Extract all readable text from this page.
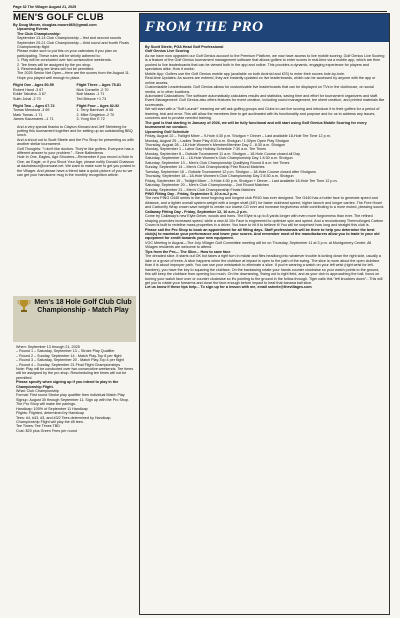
Page 32 The Villager August 21, 2025
MEN'S GOLF CLUB

By Doug Moore, douglas.moore865@gmail.com

Upcoming Events

The Club Championship:

September 13-14 Club Championship – first and second rounds

September 20-21 Club Championship – third round and fourth Finals Championship flight

Please make sure to put this on your calendars if you plan on participating. These rules will be strictly adhered to:

1. Play will be conducted over two consecutive weekends.

2. Tee times will be assigned by the pro shop.

3. Rescheduling tee times will not be permitted.

The 2025 Senior Net Open—Here are the scores from the August 11. Hope you played well enough to place.

Flight One - Ages 50-59
Robert Hand -3 67
Eddie Tabutha -3 67
Sukh Johal -2 70
Flight Three – Ages 75-81
Nick Conselle -2 70
Bob Maass -1 71
Ted Briscoe +1 73
Flight Two – Ages 67-74
Tomas Mendoza -3 69
Mark Tomas -1 71
James Kaczmarek –1 71
Flight Four – Ages 82-92
1. Terry Barnhart -6 66
2. Mike Singleton -2 70
3. Yong Kim E 72

And a very special thanks to Clayton Kinnard and Jeff Steinberg for putting this tournament together and for setting up an outstanding BBQ lunch.

And a shout out to Scott Steele and the Pro Shop for presenting us with another stellar tournament.

Golf Thoughts: "I don't like doctors. They're like golfers. Everyone has a different answer to your problem." - Seve Ballesteros

Hole In One, Eagles, Age Shooters—Remember if you record a Hole In One, an Eagle, or if you Shoot Your Age, please notify Donald Chaisson at dachaisson@comcast.net. We want to make sure to get you posted in the Villager. And please have a friend take a quick picture of you so we can get your handsome mug in the monthly recognition article.

Men's 18 Hole Golf Club Club Championship - Match Play

When: September 13 through 21, 2025

– Round 1 – Saturday, September 13 – Stroke Play Qualifier

– Round 2 – Sunday, September 14 - Match Play-Top 8 per flight

– Round 3 – Saturday, September 20 - Match Play-Top 4 per flight

– Round 4 – Sunday, September 21 Final Flight Championships

Note: Play will be conducted over two consecutive weekends. Tee times will be assigned by the pro shop. Rescheduling tee times will not be permitted.

Please specify when signing up if you intend to play in the Championship Flight.

What: Club Championship

Format: First round Stroke play qualifier then individual Match Play

Signup: August 30 through September 11. Sign up with the Pro Shop. The Pro Shop will make the pairings.

Handicap: 100% of September 11 Handicap

Flights: Flighted, determined by Handicap

Tees: #4, #43, #3, and #3/2 Tees determined by Handicap. Championship Flight will play the #5 tees.

Tee Times: Tee Times TBD

Cost: $20 plus Green Fees per round

FROM THE PRO

By Scott Steele, PGA Head Golf Professional

Golf Genius Live Scoring

As we have now upgraded our Golf Genius account to the Premium Platform, we now have access to live mobile scoring. Golf Genius Live Scoring is a feature of the Golf Genius tournament management software that allows golfers to enter scores in real-time via a mobile app, which are then pushed to live leaderboards that can be viewed both in the app and online. This provides a dynamic, engaging experience for players and spectators alike. How it works:

Mobile App: Golfers use the Golf Genius mobile app (available on both Android and iOS) to enter their scores hole-by-hole.

Real-time Updates: As scores are entered, they are instantly updated on live leaderboards, which can be accessed by anyone with the app or online access.

Customizable Leaderboards: Golf Genius allows for customizable live leaderboards that can be displayed on TVs in the clubhouse, on social media, or in other locations.

Automated Calculations: The software automatically calculates results and statistics, saving time and effort for tournament organizers and staff.

Event Management: Golf Genius also offers features for event creation, including round management, tee sheet creation, and printed materials like scorecards.

We will start with a "Soft Launch" meaning we will ask golfing groups and Clubs to use live scoring and introduce it to their golfers for a period of learning, trial and error. This will allow the members time to get acclimated with its functionality and purpose and for us to address any issues, concerns and to provide needed training.

The goal is that starting in January of 2026, we will be fully functional and will start using Golf Genius Mobile Scoring for every tournament we conduct.

Upcoming Golf Schedule

Friday, August 22 – Twilight Mixer – 9-Hole 4:30 p.m. Shotgun + Dinner – Last available 18-Hole Tee Time 12 p.m.

Monday, August 25 – Ladies Team Play 8:30 a.m. Shotgun / 1:30pm Open Play Shotgun

Thursday, August 28 – 18-Hole Women's Member/Member Day 2 - 8:30 a.m. Shotgun

Monday, September 1 – Labor Day Holiday Schedule 7:30 a.m. Tee Times

Monday, September 8 – Outside Tournament 11 a.m. Shotgun – 18-Hole Course closed all Day

Saturday, September 11 – 18-Hole Women's Club Championship Day 1 8:30 a.m. Shotgun

Saturday, September 13 – Men's Club Championship Qualifying Round 8 a.m. tee Times

Sunday, September 14 – Men's Club Championship First Round Matches

Tuesday, September 16 – Outside Tournament 12 p.m. Shotgun – 18-Hole Course closed after Shotguns

Thursday, September 18 – 18-Hole Women's Club Championship Day 2 8:30 a.m. Shotgun

Friday, September 19 – Twilight Mixer – 9-Hole 4:30 p.m. Shotgun + Dinner – Last available 18-Hole Tee Time 12 p.m.

Saturday, September 20 – Men's Club Championship – 2nd Round Matches

Sunday, September 21 – Men's Club Championship Finals Matches

PING Fitting Day - Friday, September 5, 10 a.m-2 p.m.

The new PING G440 series is the most forgiving and longest club PING has ever designed. The G440 has a hotter face to generate speed and distance, and a lighter overall system weight with a longer shaft (46") for faster clubhead speed, higher launch and longer carries. The Free Hosel and Carbonfly Wrap crown save weight to create our lowest CG ever and increase forgiveness while contributing to a more muted, pleasing sound.

Callaway Fitting Day - Friday, September 12, 10 a.m.-2 p.m.

Come try Callaway's new Elyte Driver, woods and irons. The Elyte is up to 8 yards longer with even more forgiveness than ever. The refined shaping promotes increased speed, while a new AI 10x Face is engineered to optimize spin and speed. And a revolutionary Thermoforged Carbon Crown is built to redefine mass properties in a driver. You have to hit it to believe it! You will be surprised how long and straight this club is.

Please call the Pro Shop to book an appointment for all fitting days. Staff professionals will be there to help you determine the best club(s) to maximize your performance and lower your scores. And remember most of the manufacturers allow you to trade in your old equipment for credit towards your new equipment.

VGC Meeting in August—The July Villager Golf Committee meeting will be on Thursday, September 11 at 3 p.m. at Montgomery Center. All Villages residents are welcome to attend.

Tips from the Pro— The Slice... How to save face

The dreaded slice. It starts out OK but takes a right turn in midair and flies headlong into whatever trouble is lurking down the right side, usually a lake or a grove of trees. A slice happens when the clubface at impact is open to the path of the swing. The slice is more about the open clubface than it is about improper path. You can use your wristwatch to eliminate a slice. If you're wearing a watch on your left wrist (right wrist for left-handers), you have the key to squaring the clubface. On the backswing rotate your hands counter clockwise so your watch points to the ground, this will keep the clubface from opening too much. On the downswing, Swing out to right field, and as your club is approaching the ball, focus on turning your watch face over or counter clockwise so it's pointing to the ground in the follow-through. Tiger calls this "left knuckles down"...This will get you to rotate your forearms and close the face enough before impact to beat that banana ball slice.

Let us know if these tips help... To sign up for a lesson with me, email ssteele@thevillages.com
